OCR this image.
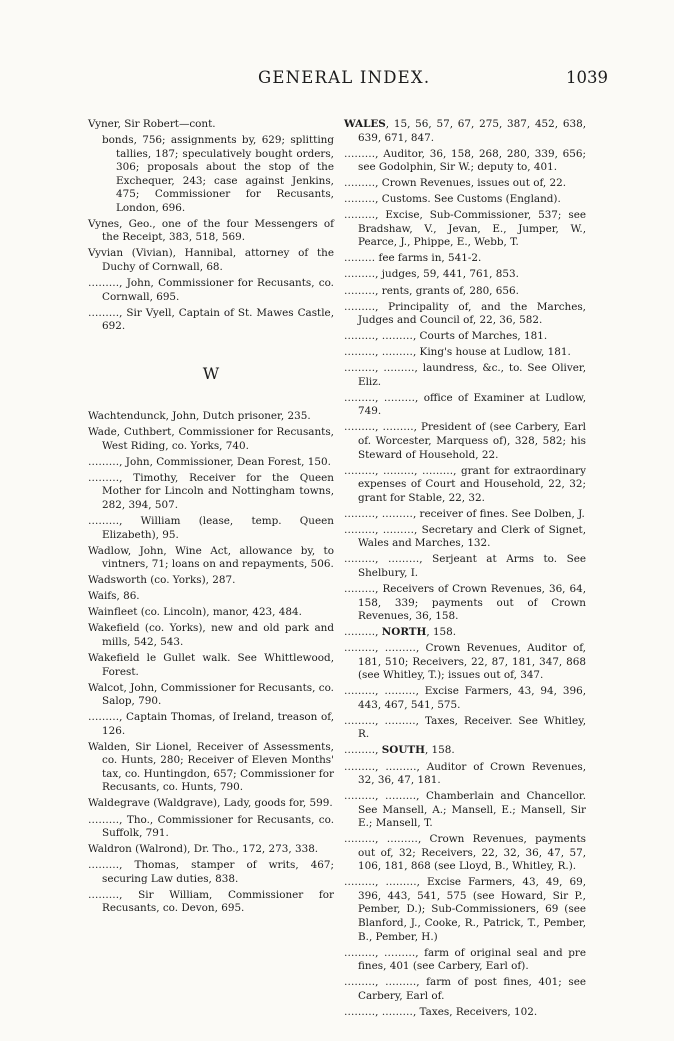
GENERAL INDEX.	1039

Vyner, Sir Robert—cont.

bonds, 756; assignments by, 629; splitting tallies, 187; speculatively bought orders, 306; proposals about the stop of the Exchequer, 243; case against Jenkins, 475; Commissioner for Recusants, London, 696.

Vynes, Geo., one of the four Messengers of the Receipt, 383, 518, 569.

Vyvian (Vivian), Hannibal, attorney of the Duchy of Cornwall, 68.

………, John, Commissioner for Recusants, co. Cornwall, 695.

………, Sir Vyell, Captain of St. Mawes Castle, 692.

W

Wachtendunck, John, Dutch prisoner, 235.

Wade, Cuthbert, Commissioner for Recusants, West Riding, co. Yorks, 740.

………, John, Commissioner, Dean Forest, 150.

………, Timothy, Receiver for the Queen Mother for Lincoln and Nottingham towns, 282, 394, 507.

………, William (lease, temp. Queen Elizabeth), 95.

Wadlow, John, Wine Act, allowance by, to vintners, 71; loans on and repayments, 506.

Wadsworth (co. Yorks), 287.

Waifs, 86.

Wainfleet (co. Lincoln), manor, 423, 484.

Wakefield (co. Yorks), new and old park and mills, 542, 543.

Wakefield le Gullet walk. See Whittlewood, Forest.

Walcot, John, Commissioner for Recusants, co. Salop, 790.

………, Captain Thomas, of Ireland, treason of, 126.

Walden, Sir Lionel, Receiver of Assessments, co. Hunts, 280; Receiver of Eleven Months' tax, co. Huntingdon, 657; Commissioner for Recusants, co. Hunts, 790.

Waldegrave (Waldgrave), Lady, goods for, 599.

………, Tho., Commissioner for Recusants, co. Suffolk, 791.

Waldron (Walrond), Dr. Tho., 172, 273, 338.

………, Thomas, stamper of writs, 467; securing Law duties, 838.

………, Sir William, Commissioner for Recusants, co. Devon, 695.

WALES, 15, 56, 57, 67, 275, 387, 452, 638, 639, 671, 847.

………, Auditor, 36, 158, 268, 280, 339, 656; see Godolphin, Sir W.; deputy to, 401.

………, Crown Revenues, issues out of, 22.

………, Customs. See Customs (England).

………, Excise, Sub-Commissioner, 537; see Bradshaw, V., Jevan, E., Jumper, W., Pearce, J., Phippe, E., Webb, T.

……… fee farms in, 541-2.

………, judges, 59, 441, 761, 853.

………, rents, grants of, 280, 656.

………, Principality of, and the Marches, Judges and Council of, 22, 36, 582.

………, ………, Courts of Marches, 181.

………, ………, King's house at Ludlow, 181.

………, ………, laundress, &c., to. See Oliver, Eliz.

………, ………, office of Examiner at Ludlow, 749.

………, ………, President of (see Carbery, Earl of. Worcester, Marquess of), 328, 582; his Steward of Household, 22.

………, ………, ………, grant for extraordinary expenses of Court and Household, 22, 32; grant for Stable, 22, 32.

………, ………, receiver of fines. See Dolben, J.

………, ………, Secretary and Clerk of Signet, Wales and Marches, 132.

………, ………, Serjeant at Arms to. See Shelbury, I.

………, Receivers of Crown Revenues, 36, 64, 158, 339; payments out of Crown Revenues, 36, 158.

………, NORTH, 158.

………, ………, Crown Revenues, Auditor of, 181, 510; Receivers, 22, 87, 181, 347, 868 (see Whitley, T.); issues out of, 347.

………, ………, Excise Farmers, 43, 94, 396, 443, 467, 541, 575.

………, ………, Taxes, Receiver. See Whitley, R.

………, SOUTH, 158.

………, ………, Auditor of Crown Revenues, 32, 36, 47, 181.

………, ………, Chamberlain and Chancellor. See Mansell, A.; Mansell, E.; Mansell, Sir E.; Mansell, T.

………, ………, Crown Revenues, payments out of, 32; Receivers, 22, 32, 36, 47, 57, 106, 181, 868 (see Lloyd, B., Whitley, R.).

………, ………, Excise Farmers, 43, 49, 69, 396, 443, 541, 575 (see Howard, Sir P., Pember, D.); Sub-Commissioners, 69 (see Blanford, J., Cooke, R., Patrick, T., Pember, B., Pember, H.)

………, ………, farm of original seal and pre fines, 401 (see Carbery, Earl of).

………, ………, farm of post fines, 401; see Carbery, Earl of.

………, ………, Taxes, Receivers, 102.
